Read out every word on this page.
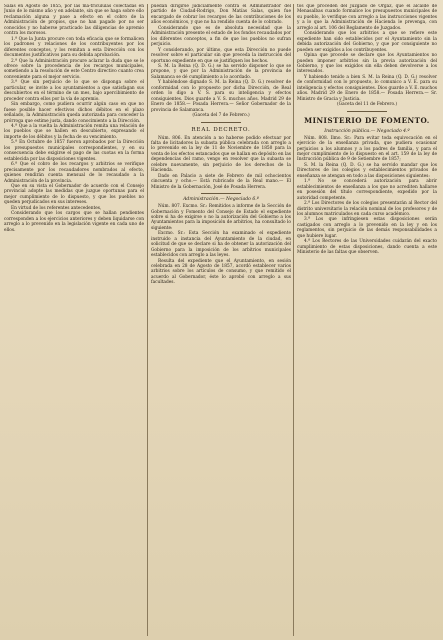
Salas en Agosto de 1855, por las ma-trícululas colectadas en Junio de lo mismo año y en adelante, sin que se haga sobre ello reclamación alguna y pase a efecto en el cobro de la Administración de propios, que no han pagado por no ser conocidos y no haberse practicado las diligencias de apremio contra los morosos.

1.ª Que la Junta procure con toda eficacia que se formalicen los padrones y relaciones de los contribuyentes por los diferentes conceptos, y los remitan a esta Dirección con los documentos justificativos para su debida aprobación.

2.ª Que la Administración procure aclarar la duda que se le ofrece sobre la procedencia de los recargos municipales, sometiendo a la resolución de este Centro directivo cuanto crea conveniente para el mejor servicio.

3.ª Que sin perjuicio de lo que se disponga sobre el particular, se invite a los ayuntamientos a que satisfagan sus descubiertos en el término de un mes, bajo apercibimiento de proceder contra ellos por la vía de apremio.

Sin embargo, como pudiera ocurrir algún caso en que no fuese posible hacer efectivos dichos débitos en el plazo señalado, la Administración queda autorizada para conceder la prórroga que estime justa, dando conocimiento a la Dirección.

4.ª Que a la vuelta la Administración remita una relación de los pueblos que se hallen en descubierto, expresando el importe de los débitos y la fecha de su vencimiento.

5.ª En Octubre de 1857 fueron aprobados por la Dirección los presupuestos municipales correspondientes, y en su consecuencia debe exigirse el pago de las cuotas en la forma establecida por las disposiciones vigentes.

6.ª Que el cobro de los recargos y arbitrios se verifique precisamente por los recaudadores nombrados al efecto, quienes rendirán cuenta mensual de lo recaudado a la Administración de la provincia.

Que en su vista el Gobernador de acuerdo con el Consejo provincial adopte las medidas que juzgue oportunas para el mejor cumplimiento de lo dispuesto, y que los pueblos no queden perjudicados en sus intereses.

En virtud de los referentes antecedentes,

Considerando que los cargos que se hallan pendientes corresponden a los ejercicios anteriores y deben liquidarse con arreglo a lo prevenido en la legislación vigente en cada uno de ellos.

puedan dirigirse judicialmente contra el Administrador del partido de Ciudad-Rodrigo, Don Matías Salas, quien fue encargado de cobrar los recargos de las contribuciones de los años económicos, y que no ha rendido cuenta de lo cobrado.

Considerando que es de absoluta necesidad que la Administración presente el estado de los fondos recaudados por los diferentes conceptos, a fin de que los pueblos no sufran perjuicio.

Y considerando, por último, que esta Dirección no puede resolver sobre el particular sin que preceda la instrucción del oportuno expediente en que se justifiquen los hechos.

S. M. la Reina (Q. D. G.) se ha servido disponer lo que se propone, y que por la Administración de la provincia de Salamanca se dé cumplimiento a lo acordado.

Y habiéndose dignado S. M. la Reina (Q. D. G.) resolver de conformidad con lo propuesto por dicha Dirección, de Real orden lo digo a V. S. para su inteligencia y efectos consiguientes. Dios guarde a V. S. muchos años. Madrid 29 de Enero de 1858.— Posada Herrera.— Señor Gobernador de la provincia de Salamanca.

(Gaceta del 7 de Febrero.)

REAL DECRETO.

Núm. 806. En atención a no haberse podido efectuar por falta de licitadores la subasta pública celebrada con arreglo a lo prevenido en la ley de 11 de Noviembre de 1850 para la venta de los efectos estancados que se hallan en depósito en las dependencias del ramo, vengo en resolver que la subasta se celebre nuevamente, sin perjuicio de los derechos de la Hacienda.

Dado en Palacio a siete de Febrero de mil ochocientos cincuenta y ocho.— Está rubricado de la Real mano.— El Ministro de la Gobernación, José de Posada Herrera.

Administración.— Negociado 6.º

Núm. 807. Excmo. Sr.: Remitidos a informe de la Sección de Gobernación y Fomento del Consejo de Estado el expediente sobre si ha de exigirse o no la autorización del Gobierno a los Ayuntamientos para la imposición de arbitrios, ha consultado lo siguiente:

Excmo. Sr.: Esta Sección ha examinado el expediente instruido a instancia del Ayuntamiento de la ciudad, en solicitud de que se declare si ha de obtener la autorización del Gobierno para la imposición de los arbitrios municipales establecidos con arreglo a las leyes.

Resulta del expediente que el Ayuntamiento, en sesión celebrada en 28 de Agosto de 1857, acordó establecer varios arbitrios sobre los artículos de consumo, y que remitido el acuerdo al Gobernador, éste lo aprobó con arreglo a sus facultades.

tos que proceden del Juzgado de Orgaz, que el alcalde de Menasalbas cuando formalice los presupuestos municipales de su pueblo, lo verifique con arreglo a las instrucciones vigentes y a lo que la Administración de Hacienda le prevenga, con arreglo al art. 106 del Reglamento de Juzgados.

Considerando que los arbitrios a que se refiere este expediente han sido establecidos por el Ayuntamiento sin la debida autorización del Gobierno, y que por consiguiente no pueden ser exigidos a los contribuyentes.

Opina que procede se declare que los Ayuntamientos no pueden imponer arbitrios sin la previa autorización del Gobierno, y que los exigidos sin ella deben devolverse a los interesados.

Y habiendo tenido a bien S. M. la Reina (Q. D. G.) resolver de conformidad con lo propuesto, lo comunico a V. E. para su inteligencia y efectos consiguientes. Dios guarde a V. E. muchos años. Madrid 29 de Enero de 1858.— Posada Herrera.— Sr. Ministro de Gracia y Justicia.

(Gaceta del 11 de Febrero.)

MINISTERIO DE FOMENTO.

Instrucción pública.— Negociado 4.º

Núm. 808. Ilmo. Sr.: Para evitar toda equivocación en el ejercicio de la enseñanza privada, que pudiera ocasionar perjuicios a los alumnos y a los padres de familia, y para el mejor cumplimiento de lo dispuesto en el art. 159 de la ley de Instrucción pública de 9 de Setiembre de 1857;

S. M. la Reina (Q. D. G.) se ha servido mandar que los Directores de los colegios y establecimientos privados de enseñanza se atengan en todo a las disposiciones siguientes:

1.ª No se concederá autorización para abrir establecimientos de enseñanza a los que no acrediten hallarse en posesión del título correspondiente, expedido por la autoridad competente.

2.ª Los Directores de los colegios presentarán al Rector del distrito universitario la relación nominal de los profesores y de los alumnos matriculados en cada curso académico.

3.ª Los que infringiesen estas disposiciones serán castigados con arreglo a lo prevenido en la ley y en los reglamentos, sin perjuicio de las demás responsabilidades a que hubiere lugar.

4.ª Los Rectores de las Universidades cuidarán del exacto cumplimiento de estas disposiciones, dando cuenta a este Ministerio de las faltas que observen.
